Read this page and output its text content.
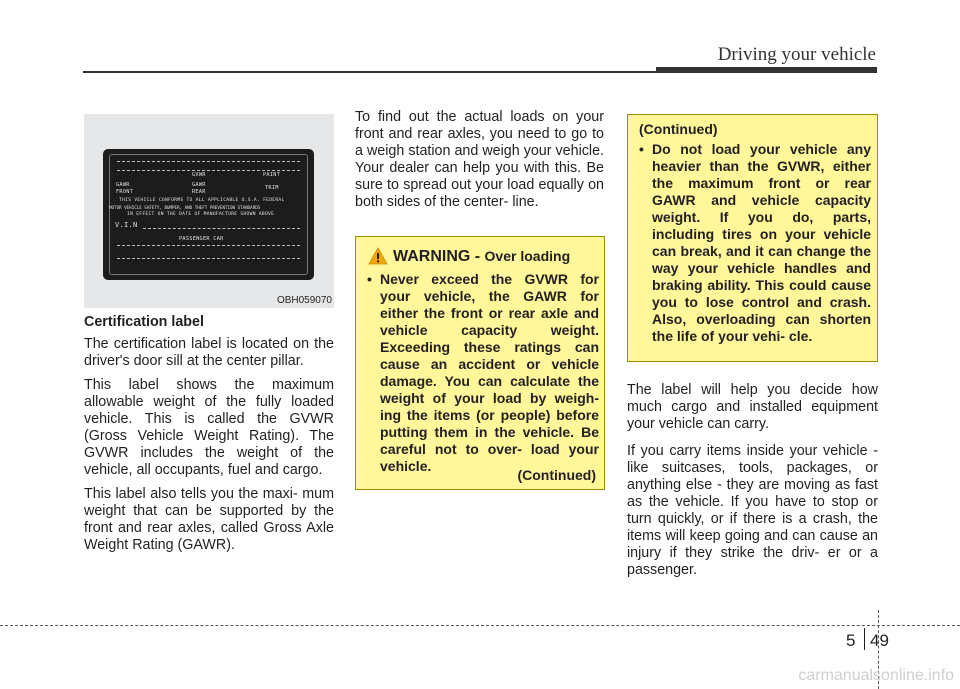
Driving your vehicle
GVWR	PAINT
GAWR	GAWR
FRONT	REAR
TRIM
THIS VEHICLE CONFORMS TO ALL APPLICABLE U.S.A. FEDERAL
MOTOR VEHICLE SAFETY, BUMPER, AND THEFT PREVENTION STANDARDS
IN EFFECT ON THE DATE OF MANUFACTURE SHOWN ABOVE
V.I.N
PASSENGER CAR
OBH059070
Certification label

The certification label is located on the driver's door sill at the center pillar.

This label shows the maximum allowable weight of the fully loaded vehicle. This is called the GVWR (Gross Vehicle Weight Rating). The GVWR includes the weight of the vehicle, all occupants, fuel and cargo.

This label also tells you the maxi- mum weight that can be supported by the front and rear axles, called Gross Axle Weight Rating (GAWR).

To find out the actual loads on your front and rear axles, you need to go to a weigh station and weigh your vehicle. Your dealer can help you with this. Be sure to spread out your load equally on both sides of the center- line.
WARNING - Over loading
• Never exceed the GVWR for your vehicle, the GAWR for either the front or rear axle and vehicle capacity weight. Exceeding these ratings can cause an accident or vehicle damage. You can calculate the weight of your load by weigh- ing the items (or people) before putting them in the vehicle. Be careful not to over- load your vehicle.
(Continued)
(Continued)
• Do not load your vehicle any heavier than the GVWR, either the maximum front or rear GAWR and vehicle capacity weight. If you do, parts, including tires on your vehicle can break, and it can change the way your vehicle handles and braking ability. This could cause you to lose control and crash. Also, overloading can shorten the life of your vehi- cle.
The label will help you decide how much cargo and installed equipment your vehicle can carry.
If you carry items inside your vehicle - like suitcases, tools, packages, or anything else - they are moving as fast as the vehicle. If you have to stop or turn quickly, or if there is a crash, the items will keep going and can cause an injury if they strike the driv- er or a passenger.
5 49
carmanualsonline.info
